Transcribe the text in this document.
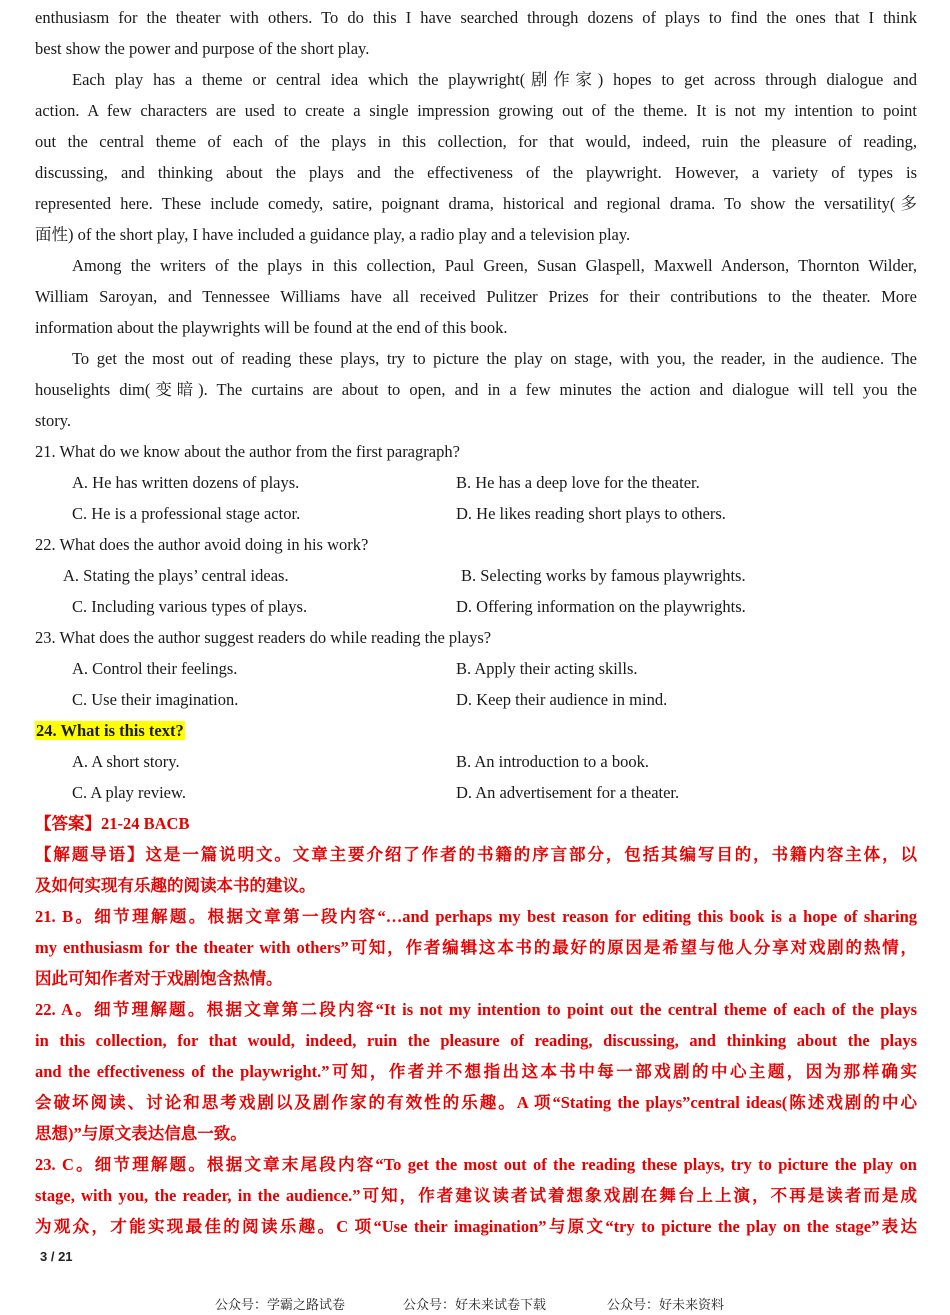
enthusiasm for the theater with others. To do this I have searched through dozens of plays to find the ones that I think
best show the power and purpose of the short play.
Each play has a theme or central idea which the playwright(剧作家) hopes to get across through dialogue and
action. A few characters are used to create a single impression growing out of the theme. It is not my intention to point
out the central theme of each of the plays in this collection, for that would, indeed, ruin the pleasure of reading,
discussing, and thinking about the plays and the effectiveness of the playwright. However, a variety of types is
represented here. These include comedy, satire, poignant drama, historical and regional drama. To show the versatility(多
面性) of the short play, I have included a guidance play, a radio play and a television play.
Among the writers of the plays in this collection, Paul Green, Susan Glaspell, Maxwell Anderson, Thornton Wilder,
William Saroyan, and Tennessee Williams have all received Pulitzer Prizes for their contributions to the theater. More
information about the playwrights will be found at the end of this book.
To get the most out of reading these plays, try to picture the play on stage, with you, the reader, in the audience. The
houselights dim(变暗). The curtains are about to open, and in a few minutes the action and dialogue will tell you the
story.
21. What do we know about the author from the first paragraph?
A. He has written dozens of plays.	B. He has a deep love for the theater.
C. He is a professional stage actor.	D. He likes reading short plays to others.
22. What does the author avoid doing in his work?
A. Stating the plays’ central ideas.	B. Selecting works by famous playwrights.
C. Including various types of plays.	D. Offering information on the playwrights.
23. What does the author suggest readers do while reading the plays?
A. Control their feelings.	B. Apply their acting skills.
C. Use their imagination.	D. Keep their audience in mind.
24. What is this text?
A. A short story.	B. An introduction to a book.
C. A play review.	D. An advertisement for a theater.
【答案】21-24 BACB
【解题导语】这是一篇说明文。文章主要介绍了作者的书籍的序言部分，包括其编写目的，书籍内容主体，以
及如何实现有乐趣的阅读本书的建议。
21. B。细节理解题。根据文章第一段内容“…and perhaps my best reason for editing this book is a hope of sharing
my enthusiasm for the theater with others”可知，作者编辑这本书的最好的原因是希望与他人分享对戏剧的热情，
因此可知作者对于戏剧饱含热情。
22. A。细节理解题。根据文章第二段内容“It is not my intention to point out the central theme of each of the plays
in this collection, for that would, indeed, ruin the pleasure of reading, discussing, and thinking about the plays
and the effectiveness of the playwright.”可知，作者并不想指出这本书中每一部戏剧的中心主题，因为那样确实
会破坏阅读、讨论和思考戏剧以及剧作家的有效性的乐趣。A 项“Stating the plays”central ideas(陈述戏剧的中心
思想)”与原文表达信息一致。
23. C。细节理解题。根据文章末尾段内容“To get the most out of the reading these plays, try to picture the play on
stage, with you, the reader, in the audience.”可知，作者建议读者试着想象戏剧在舞台上上演，不再是读者而是成
为观众，才能实现最佳的阅读乐趣。C 项“Use their imagination”与原文“try to picture the play on the stage”表达
3 / 21
公众号：学霸之路试卷	公众号：好未来试卷下载	公众号：好未来资料
